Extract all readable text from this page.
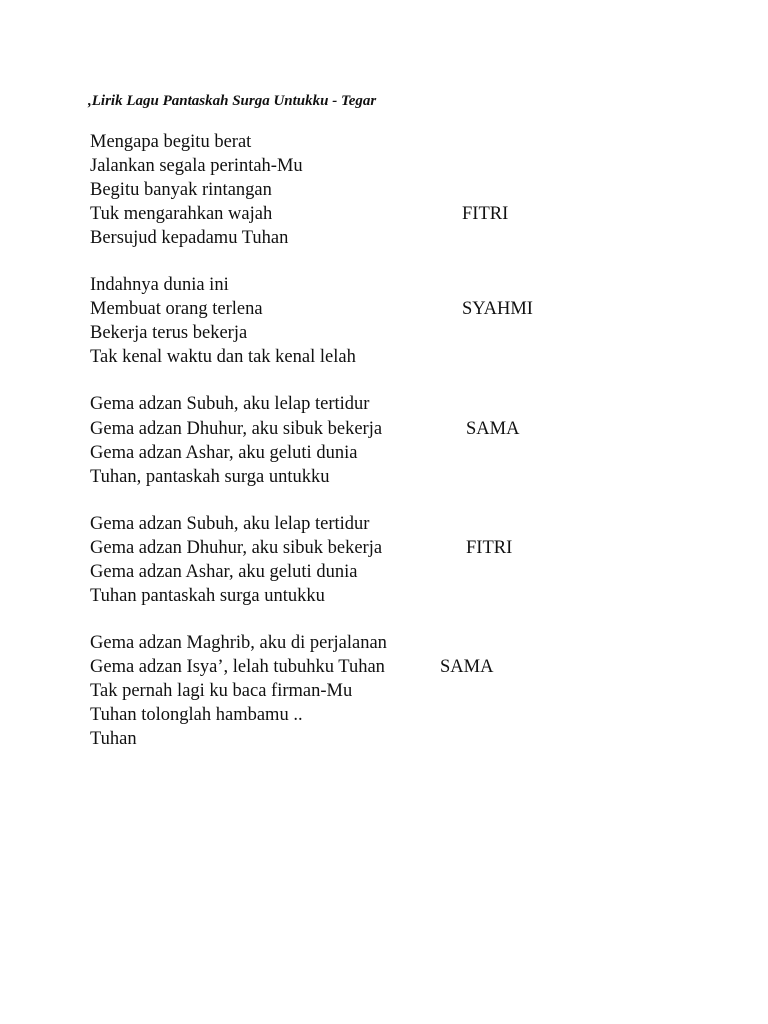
,Lirik Lagu Pantaskah Surga Untukku - Tegar
Mengapa begitu berat
Jalankan segala perintah-Mu
Begitu banyak rintangan
Tuk mengarahkan wajah
Bersujud kepadamu Tuhan
FITRI
Indahnya dunia ini
Membuat orang terlena
Bekerja terus bekerja
Tak kenal waktu dan tak kenal lelah
SYAHMI
Gema adzan Subuh, aku lelap tertidur
Gema adzan Dhuhur, aku sibuk bekerja
Gema adzan Ashar, aku geluti dunia
Tuhan, pantaskah surga untukku
SAMA
Gema adzan Subuh, aku lelap tertidur
Gema adzan Dhuhur, aku sibuk bekerja
Gema adzan Ashar, aku geluti dunia
Tuhan pantaskah surga untukku
FITRI
Gema adzan Maghrib, aku di perjalanan
Gema adzan Isya’, lelah tubuhku Tuhan
Tak pernah lagi ku baca firman-Mu
Tuhan tolonglah hambamu ..
Tuhan
SAMA
